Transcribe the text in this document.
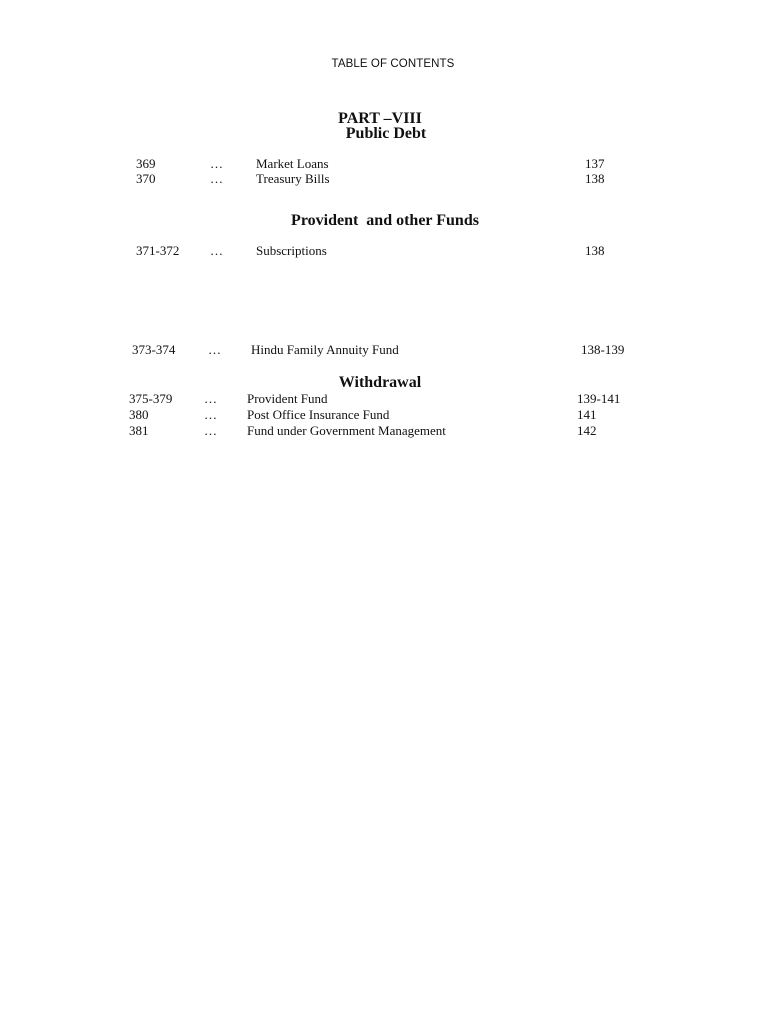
TABLE OF CONTENTS
PART –VIII
Public Debt
369	…	Market Loans	137
370	…	Treasury Bills	138
Provident  and other Funds
371-372 …	Subscriptions	138
373-374	… Hindu Family Annuity Fund	138-139
Withdrawal
375-379 … Provident Fund	139-141
380	… Post Office Insurance Fund	141
381	… Fund under Government Management	142
